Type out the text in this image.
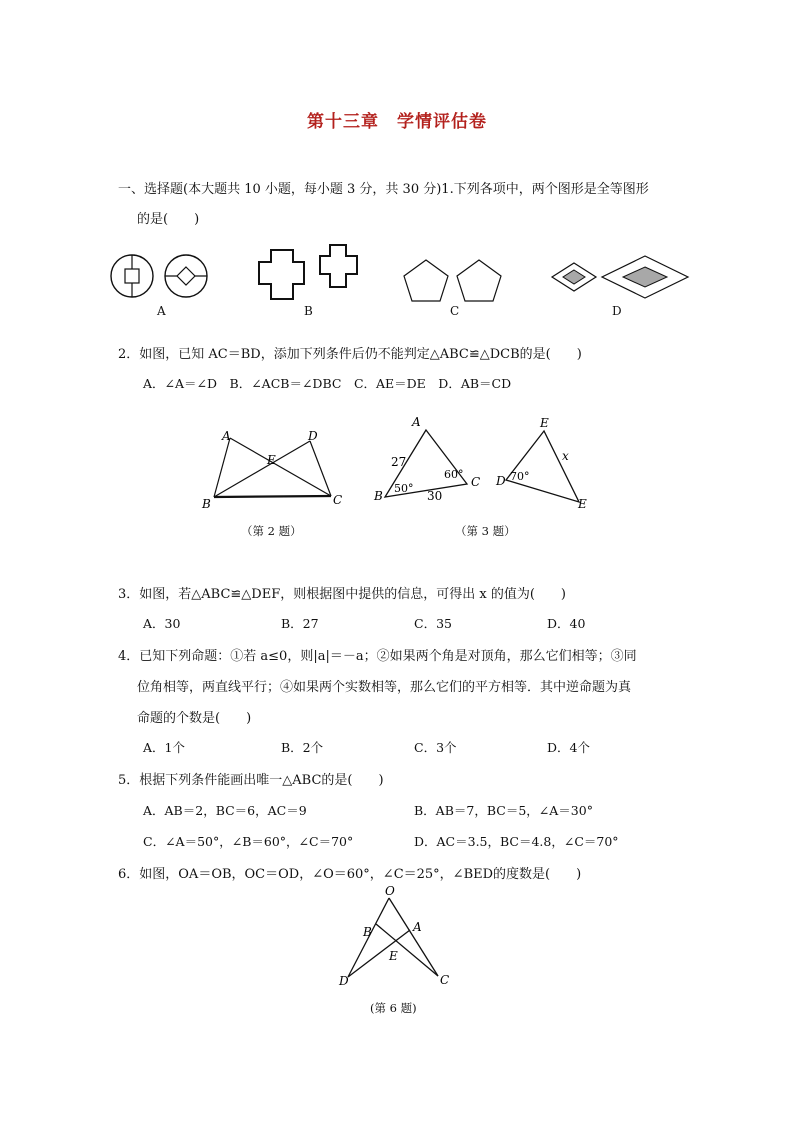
第十三章　学情评估卷
一、选择题(本大题共 10 小题，每小题 3 分，共 30 分)1.下列各项中，两个图形是全等图形
的是(　　)
A	B	C	D
2．如图，已知 AC＝BD，添加下列条件后仍不能判定△ABC≌△DCB的是(　　)
A．∠A＝∠D　B．∠ACB＝∠DBC　C．AE＝DE　D．AB＝CD
A	D
E
B	C
（第 2 题）
A
B
C
27
30
50°
60°
E
D
E
70°
x
（第 3 题）
3．如图，若△ABC≌△DEF，则根据图中提供的信息，可得出 x 的值为(　　)
A．30	B．27	C．35	D．40
4．已知下列命题：①若 a≤0，则|a|＝－a；②如果两个角是对顶角，那么它们相等；③同
位角相等，两直线平行；④如果两个实数相等，那么它们的平方相等．其中逆命题为真
命题的个数是(　　)
A．1个	B．2个	C．3个	D．4个
5．根据下列条件能画出唯一△ABC的是(　　)
A．AB＝2，BC＝6，AC＝9	B．AB＝7，BC＝5，∠A＝30°
C．∠A＝50°，∠B＝60°，∠C＝70°	D．AC＝3.5，BC＝4.8，∠C＝70°
6．如图，OA＝OB，OC＝OD，∠O＝60°，∠C＝25°，∠BED的度数是(　　)
O
B	A
E
D	C
(第 6 题)
